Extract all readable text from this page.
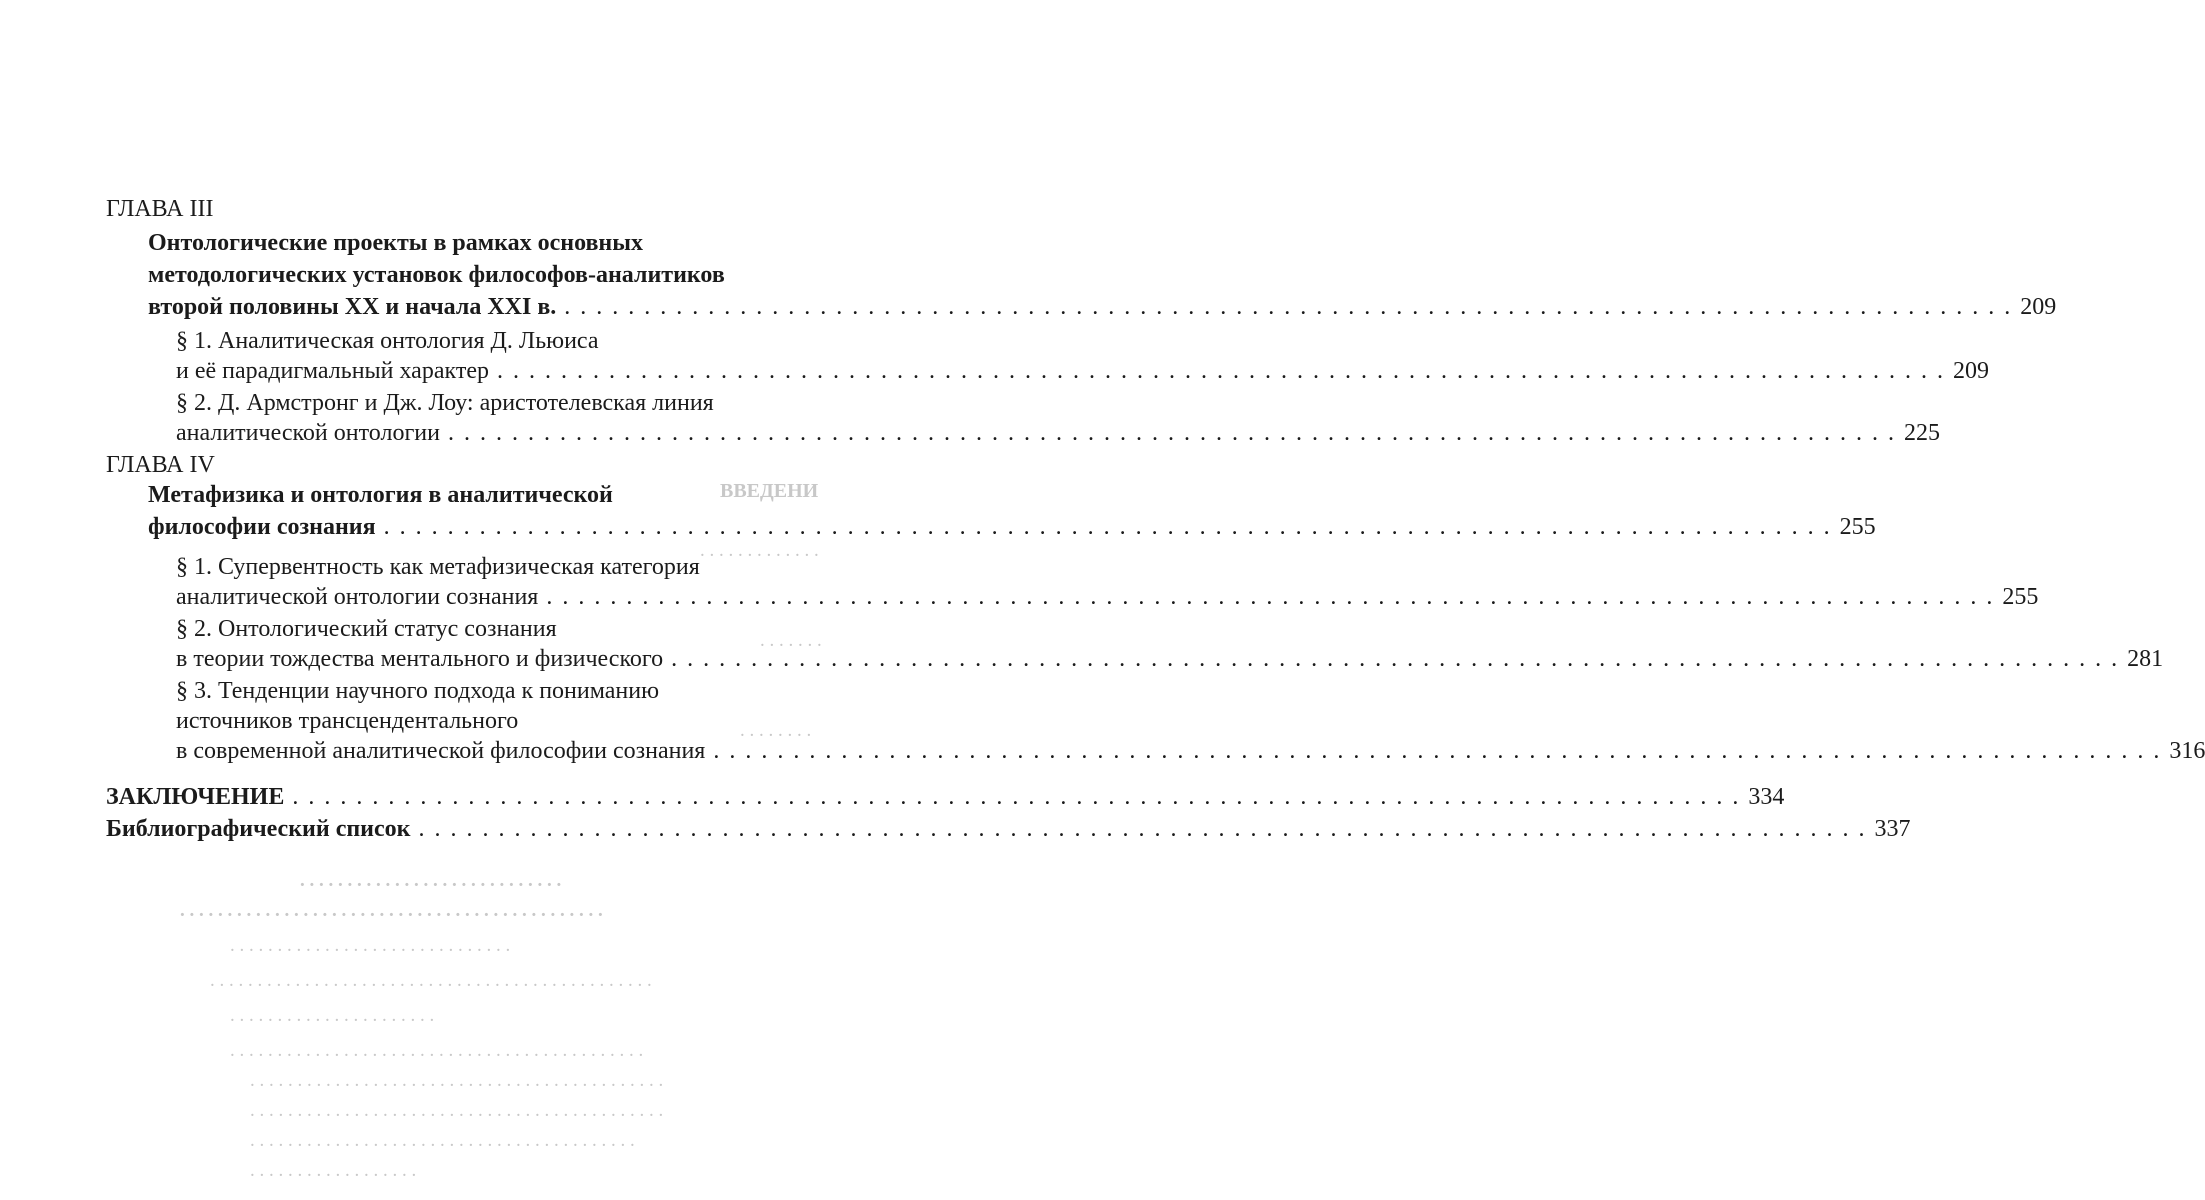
ВВЕДЕНИ
. . . . . . . . . . . . .
. . . . . . .
. . . . . . . .
. . . . . . . . . . . . . . . . . . . . . . . . . . . .
. . . . . . . . . . . . . . . . . . . . . . . . . . . . . . . . . . . . . . . . . . . . .
. . . . . . . . . . . . . . . . . . . . . . . . . . . . . .
. . . . . . . . . . . . . . . . . . . . . . . . . . . . . . . . . . . . . . . . . . . . . . .
. . . . . . . . . . . . . . . . . . . . . .
. . . . . . . . . . . . . . . . . . . . . . . . . . . . . . . . . . . . . . . . . . . .
. . . . . . . . . . . . . . . . . . . . . . . . . . . . . . . . . . . . . . . . . . . .
. . . . . . . . . . . . . . . . . . . . . . . . . . . . . . . . . . . . . . . . . . . .
. . . . . . . . . . . . . . . . . . . . . . . . . . . . . . . . . . . . . . . . .
. . . . . . . . . . . . . . . . . .
ГЛАВА III
Онтологические проекты в рамках основных
методологических установок философов-аналитиков
второй половины XX и начала XXI в. . . . . . . . . . . . . . . . . . . . . . . . . . . . . . . . . . . . . . . . . . . . . . . . . . . . . . . . . . . . . . . . . . . . . . . . . . . . . . . . . . . . . . . . . . . . 209
§ 1. Аналитическая онтология Д. Льюиса
и её парадигмальный характер . . . . . . . . . . . . . . . . . . . . . . . . . . . . . . . . . . . . . . . . . . . . . . . . . . . . . . . . . . . . . . . . . . . . . . . . . . . . . . . . . . . . . . . . . . . 209
§ 2. Д. Армстронг и Дж. Лоу: аристотелевская линия
аналитической онтологии . . . . . . . . . . . . . . . . . . . . . . . . . . . . . . . . . . . . . . . . . . . . . . . . . . . . . . . . . . . . . . . . . . . . . . . . . . . . . . . . . . . . . . . . . . . 225
ГЛАВА IV
Метафизика и онтология в аналитической
философии сознания . . . . . . . . . . . . . . . . . . . . . . . . . . . . . . . . . . . . . . . . . . . . . . . . . . . . . . . . . . . . . . . . . . . . . . . . . . . . . . . . . . . . . . . . . . . 255
§ 1. Супервентность как метафизическая категория
аналитической онтологии сознания . . . . . . . . . . . . . . . . . . . . . . . . . . . . . . . . . . . . . . . . . . . . . . . . . . . . . . . . . . . . . . . . . . . . . . . . . . . . . . . . . . . . . . . . . . . 255
§ 2. Онтологический статус сознания
в теории тождества ментального и физического . . . . . . . . . . . . . . . . . . . . . . . . . . . . . . . . . . . . . . . . . . . . . . . . . . . . . . . . . . . . . . . . . . . . . . . . . . . . . . . . . . . . . . . . . . . 281
§ 3. Тенденции научного подхода к пониманию
источников трансцендентального
в современной аналитической философии сознания . . . . . . . . . . . . . . . . . . . . . . . . . . . . . . . . . . . . . . . . . . . . . . . . . . . . . . . . . . . . . . . . . . . . . . . . . . . . . . . . . . . . . . . . . . . 316
ЗАКЛЮЧЕНИЕ . . . . . . . . . . . . . . . . . . . . . . . . . . . . . . . . . . . . . . . . . . . . . . . . . . . . . . . . . . . . . . . . . . . . . . . . . . . . . . . . . . . . . . . . . . . 334
Библиографический список . . . . . . . . . . . . . . . . . . . . . . . . . . . . . . . . . . . . . . . . . . . . . . . . . . . . . . . . . . . . . . . . . . . . . . . . . . . . . . . . . . . . . . . . . . . 337
